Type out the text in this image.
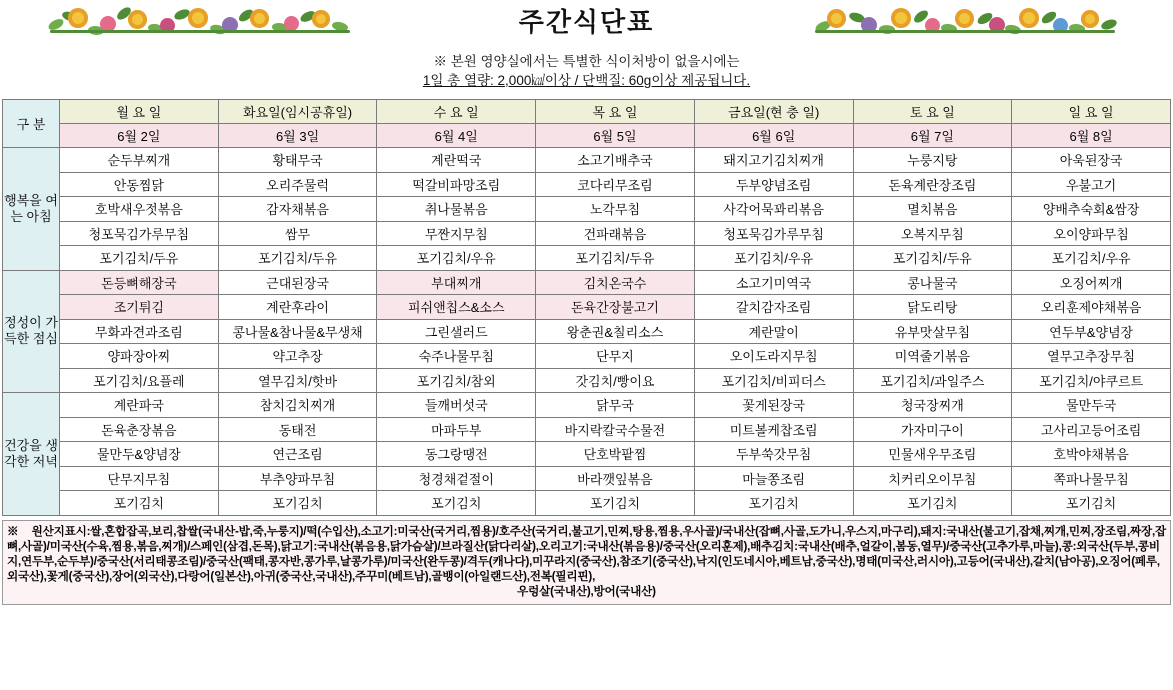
주간식단표
※ 본원 영양실에서는 특별한 식이처방이 없을시에는
1일 총 열량: 2,000㎉이상 / 단백질: 60g이상 제공됩니다.
구 분	월 요 일	화요일(임시공휴일)	수 요 일	목 요 일	금요일(현 충 일)	토 요 일	일 요 일
	6월 2일	6월 3일	6월 4일	6월 5일	6월 6일	6월 7일	6월 8일
행복을 여는 아침	순두부찌개	황태무국	계란떡국	소고기배추국	돼지고기김치찌개	누룽지탕	아욱된장국
	안동찜닭	오리주물럭	떡갈비파망조림	코다리무조림	두부양념조림	돈육계란장조림	우불고기
	호박새우젓볶음	감자채볶음	취나물볶음	노각무침	사각어묵꽈리볶음	멸치볶음	양배추숙회&쌈장
	청포묵김가루무침	쌈무	무짠지무침	건파래볶음	청포묵김가루무침	오복지무침	오이양파무침
	포기김치/두유	포기김치/두유	포기김치/우유	포기김치/두유	포기김치/우유	포기김치/두유	포기김치/우유
정성이 가득한 점심	돈등뼈해장국	근대된장국	부대찌개	김치온국수	소고기미역국	콩나물국	오징어찌개
	조기튀김	계란후라이	피쉬앤칩스&소스	돈육간장불고기	갈치감자조림	닭도리탕	오리훈제야채볶음
	무화과견과조림	콩나물&참나물&무생채	그린샐러드	왕춘권&칠리소스	계란말이	유부맛살무침	연두부&양념장
	양파장아찌	약고추장	숙주나물무침	단무지	오이도라지무침	미역줄기볶음	열무고추장무침
	포기김치/요플레	열무김치/핫바	포기김치/참외	갓김치/빵이요	포기김치/비피더스	포기김치/과일주스	포기김치/야쿠르트
건강을 생각한 저녁	계란파국	참치김치찌개	들깨버섯국	닭무국	꽃게된장국	청국장찌개	물만두국
	돈육춘장볶음	동태전	마파두부	바지락칼국수물전	미트볼케찹조림	가자미구이	고사리고등어조림
	물만두&양념장	연근조림	동그랑땡전	단호박팥찜	두부쑥갓무침	민물새우무조림	호박야채볶음
	단무지무침	부추양파무침	청경채겉절이	바라깻잎볶음	마늘쫑조림	치커리오이무침	쪽파나물무침
	포기김치	포기김치	포기김치	포기김치	포기김치	포기김치	포기김치
※원산지표시:쌀,혼합잡곡,보리,찹쌀(국내산-밥,죽,누룽지)/떡(수입산),소고기:미국산(국거리,찜용)/호주산(국거리,불고기,민찌,탕용,찜용,우사골)/국내산(잡뼈,사골,도가니,우스지,마구리),돼지:국내산(불고기,잡채,찌개,민찌,장조림,짜장,잡뼈,사골)/미국산(수육,찜용,볶음,찌개)/스페인(삼겹,돈목),닭고기:국내산(볶음용,닭가슴살)/브라질산(닭다리살),오리고기:국내산(볶음용)/중국산(오리훈제),배추김치:국내산(배추,얼갈이,봄동,열무)/중국산(고추가루,마늘),콩:외국산(두부,콩비지,연두부,순두부)/중국산(서리태콩조림)/중국산(팩태,콩자반,콩가루,날콩가루)/미국산(완두콩)/격두(캐나다),미꾸라지(중국산),참조기(중국산),낙지(인도네시아,베트남,중국산),명태(미국산,러시아),고등어(국내산),갈치(남아공),오징어(페루,외국산),꽃게(중국산),장어(외국산),다랑어(일본산),아귀(중국산,국내산),주꾸미(베트남),골뱅이(아일랜드산),전복(필리핀),
우렁살(국내산),방어(국내산)
